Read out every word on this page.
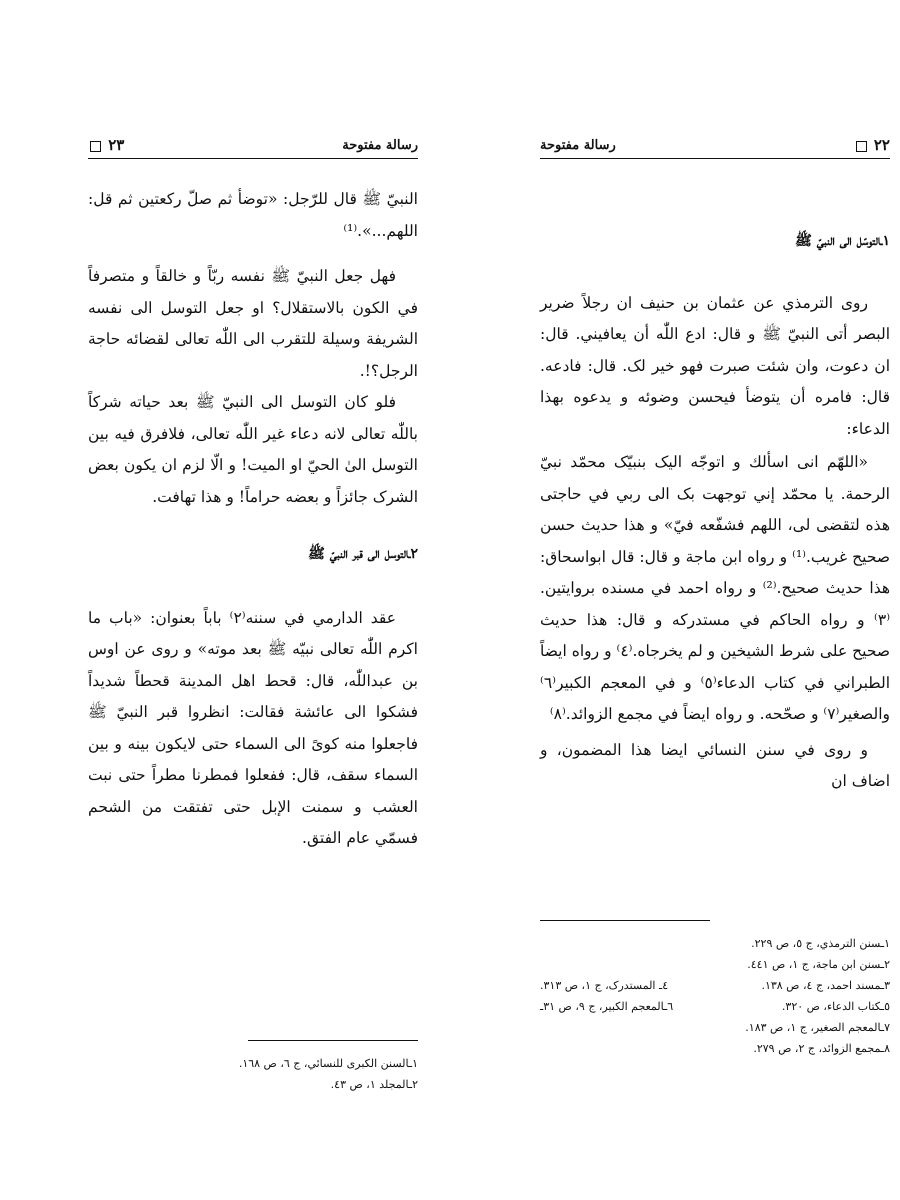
رسالة مفتوحة
٢٣

النبيّ ﷺ قال للرّجل: «توضأ ثم صلّ ركعتين ثم قل: اللهم...».⁽¹⁾

فهل جعل النبيّ ﷺ نفسه ربّاً و خالقاً و متصرفاً في الكون بالاستقلال؟ او جعل التوسل الى نفسه الشريفة وسيلة للتقرب الى اللّٰه تعالى لقضائه حاجة الرجل؟!.

فلو كان التوسل الى النبيّ ﷺ بعد حياته شركاً باللّٰه تعالى لانه دعاء غير اللّٰه تعالى، فلافرق فيه بين التوسل الیٰ الحيّ او الميت! و الّا لزم ان يكون بعض الشرک جائزاً و بعضه حراماً! و هذا تهافت.

٢ـالتوسل الى قبر النبيّ ﷺ

عقد الدارمي في سننه⁽٢⁾ باباً بعنوان: «باب ما اكرم اللّٰه تعالى نبيّه ﷺ بعد موته» و روى عن اوس بن عبداللّٰه، قال: قحط اهل المدينة قحطاً شديداً فشكوا الى عائشة فقالت: انظروا قبر النبيّ ﷺ فاجعلوا منه كوىً الى السماء حتى لايكون بينه و بين السماء سقف، قال: ففعلوا فمطرنا مطراً حتى نبت العشب و سمنت الإبل حتى تفتقت من الشحم فسمّي عام الفتق.

١ـالسنن الكبرى للنسائي، ج ٦، ص ١٦٨.
٢ـالمجلد ١، ص ٤٣.
٢٢
رسالة مفتوحة

١ـالتوسّل الى النبيّ ﷺ

روى الترمذي عن عثمان بن حنيف ان رجلاً ضرير البصر أتى النبيّ ﷺ و قال: ادع اللّٰه أن يعافيني. قال: ان دعوت، وان شئت صبرت فهو خير لک. قال: فادعه. قال: فامره أن يتوضأ فيحسن وضوئه و يدعوه بهذا الدعاء:

«اللهّم انی اسألك و اتوجّه اليک بنبيّک محمّد نبيّ الرحمة. يا محمّد إني توجهت بک الى ربي في حاجتى هذه لتقضى لی، اللهم فشفّعه فيّ» و هذا حديث حسن صحيح غريب.⁽¹⁾ و رواه ابن ماجة و قال: قال ابواسحاق: هذا حديث صحيح.⁽²⁾ و رواه احمد في مسنده بروايتين.⁽٣⁾ و رواه الحاكم في مستدركه و قال: هذا حديث صحيح على شرط الشيخين و لم يخرجاه.⁽٤⁾ و رواه ايضاً الطبراني في كتاب الدعاء⁽٥⁾ و في المعجم الكبير⁽٦⁾ والصغير⁽٧⁾ و صحّحه. و رواه ايضاً في مجمع الزوائد.⁽٨⁾

و روى في سنن النسائي ايضا هذا المضمون، و اضاف ان

١ـسنن الترمذي، ج ٥، ص ٢٢٩.
٢ـسنن ابن ماجة، ج ١، ص ٤٤١.
٣ـمسند احمد، ج ٤، ص ١٣٨.
٤ـ المستدرک، ج ١، ص ٣١٣.
٥ـکتاب الدعاء، ص ٣٢٠.
٦ـالمعجم الكبير، ج ٩، ص ٣١ـ
٧ـالمعجم الصغير، ج ١، ص ١٨٣.
٨ـمجمع الزوائد، ج ٢، ص ٢٧٩.
